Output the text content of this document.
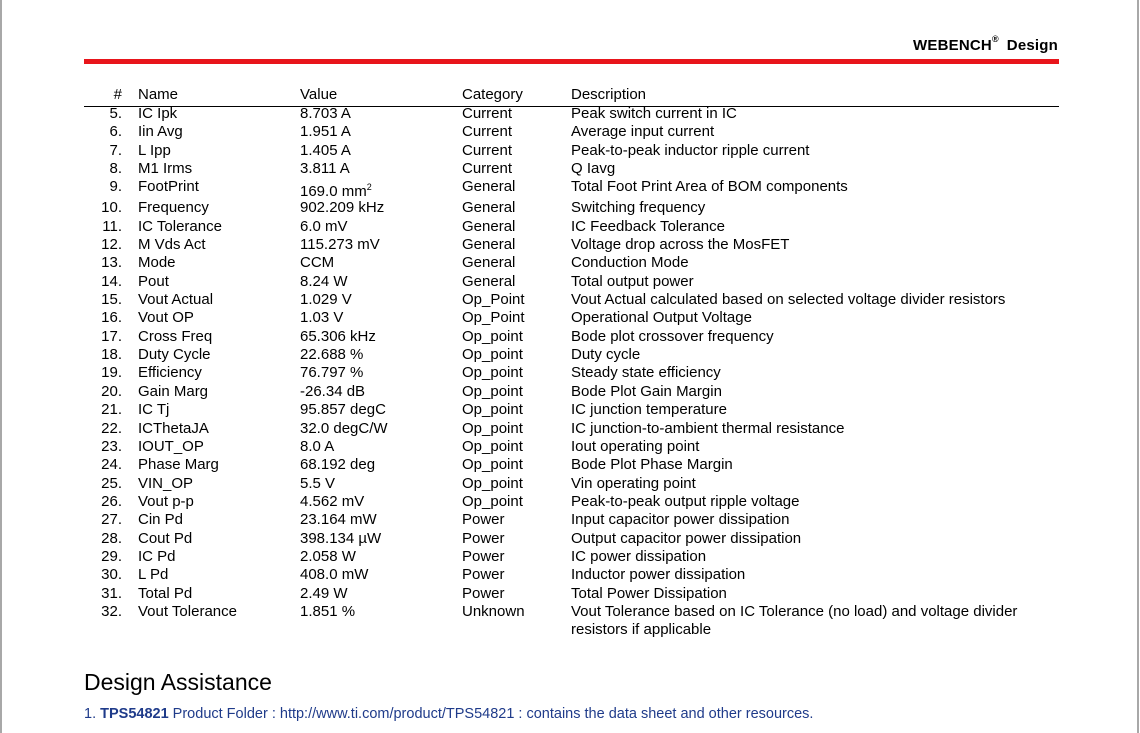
WEBENCH® Design
# Name	Value	Category	Description
5. IC Ipk	8.703 A	Current	Peak switch current in IC
6. Iin Avg	1.951 A	Current	Average input current
7. L Ipp	1.405 A	Current	Peak-to-peak inductor ripple current
8. M1 Irms	3.811 A	Current	Q Iavg
9. FootPrint	169.0 $mm^2$	General	Total Foot Print Area of BOM components
10. Frequency	902.209 kHz	General	Switching frequency
11. IC Tolerance	6.0 mV	General	IC Feedback Tolerance
12. M Vds Act	115.273 mV	General	Voltage drop across the MosFET
13. Mode	CCM	General	Conduction Mode
14. Pout	8.24 W	General	Total output power
15. Vout Actual	1.029 V	Op_Point	Vout Actual calculated based on selected voltage divider resistors
16. Vout OP	1.03 V	Op_Point	Operational Output Voltage
17. Cross Freq	65.306 kHz	Op_point	Bode plot crossover frequency
18. Duty Cycle	22.688 %	Op_point	Duty cycle
19. Efficiency	76.797 %	Op_point	Steady state efficiency
20. Gain Marg	-26.34 dB	Op_point	Bode Plot Gain Margin
21. IC Tj	95.857 degC	Op_point	IC junction temperature
22. ICThetaJA	32.0 degC/W	Op_point	IC junction-to-ambient thermal resistance
23. IOUT_OP	8.0 A	Op_point	Iout operating point
24. Phase Marg	68.192 deg	Op_point	Bode Plot Phase Margin
25. VIN_OP	5.5 V	Op_point	Vin operating point
26. Vout p-p	4.562 mV	Op_point	Peak-to-peak output ripple voltage
27. Cin Pd	23.164 mW	Power	Input capacitor power dissipation
28. Cout Pd	398.134 µW	Power	Output capacitor power dissipation
29. IC Pd	2.058 W	Power	IC power dissipation
30. L Pd	408.0 mW	Power	Inductor power dissipation
31. Total Pd	2.49 W	Power	Total Power Dissipation
32. Vout Tolerance	1.851 %	Unknown	Vout Tolerance based on IC Tolerance (no load) and voltage divider resistors if applicable
Design Assistance
1. TPS54821 Product Folder : http://www.ti.com/product/TPS54821 : contains the data sheet and other resources.
